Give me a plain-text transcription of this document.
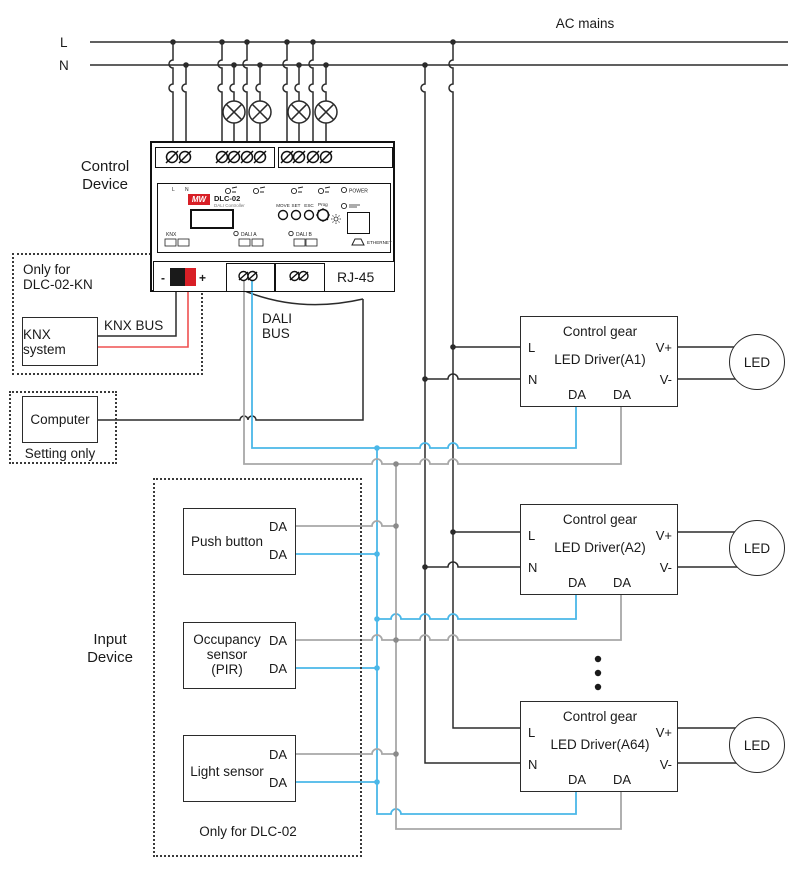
L
N
AC mains
Control
Device
Input
Device
Only for
DLC-02-KN
Only for DLC-02
KNX system
KNX BUS
Computer
Setting only
DALI
BUS
RJ-45
-	+
MW	DLC-02
DALI Controller
L N
Control gear
LED Driver(A1)
L
N
V+
V-
DA DA
LED
Control gear
LED Driver(A2)
L
N
V+
V-
DA DA
LED
Control gear
LED Driver(A64)
L
N
V+
V-
DA DA
LED
Push button
DA
DA
Occupancy
sensor
(PIR)
DA
DA
Light sensor
DA
DA
POWER
MOVE SET ESC Prog
KNX	DALI A	DALI B
ETHERNET
